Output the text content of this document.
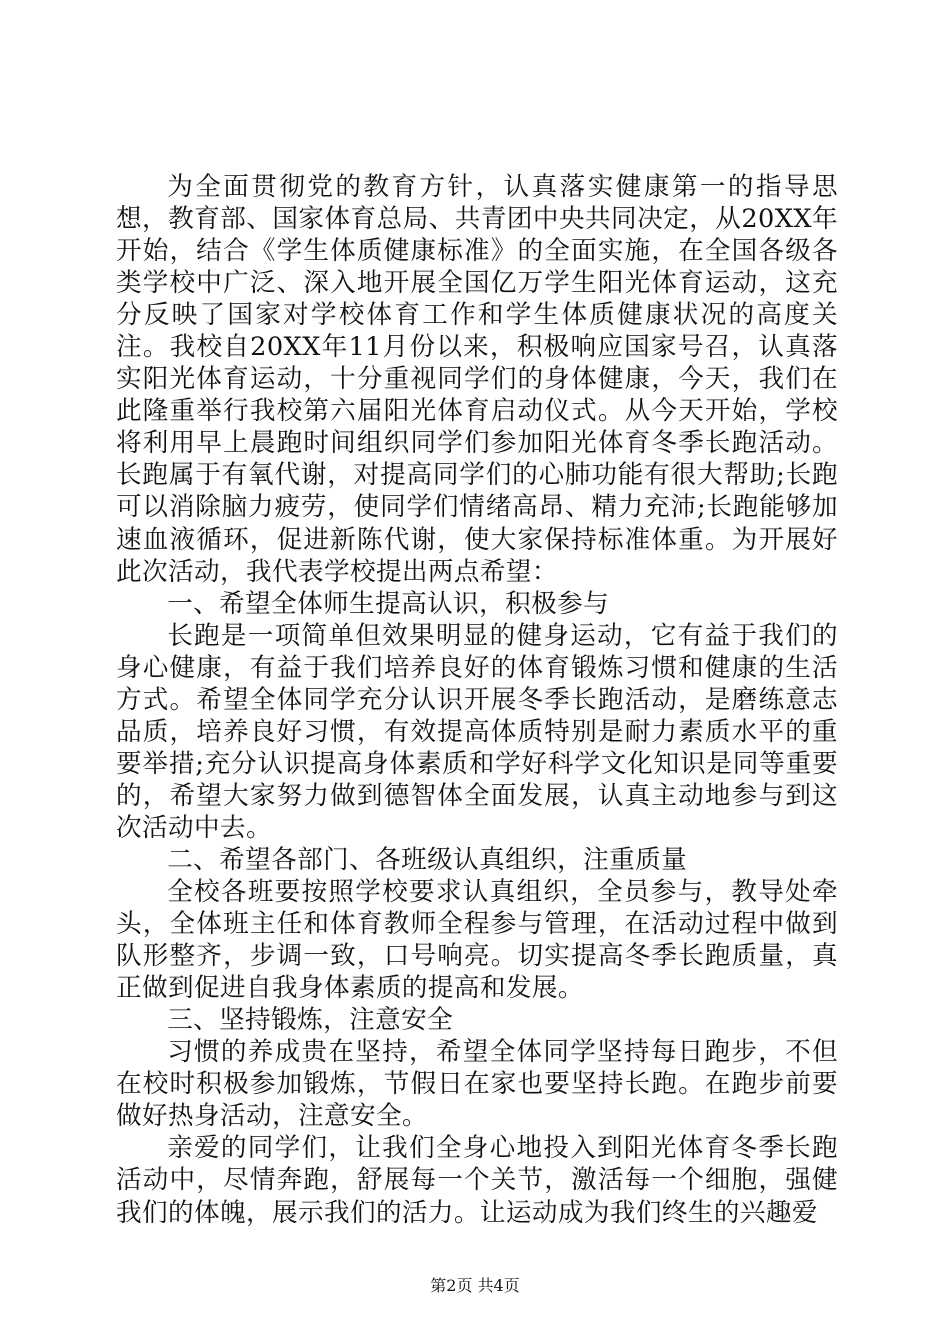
为全面贯彻党的教育方针，认真落实健康第一的指导思想，教育部、国家体育总局、共青团中央共同决定，从20XX年开始，结合《学生体质健康标准》的全面实施，在全国各级各类学校中广泛、深入地开展全国亿万学生阳光体育运动，这充分反映了国家对学校体育工作和学生体质健康状况的高度关注。我校自20XX年11月份以来，积极响应国家号召，认真落实阳光体育运动，十分重视同学们的身体健康，今天，我们在此隆重举行我校第六届阳光体育启动仪式。从今天开始，学校将利用早上晨跑时间组织同学们参加阳光体育冬季长跑活动。长跑属于有氧代谢，对提高同学们的心肺功能有很大帮助;长跑可以消除脑力疲劳，使同学们情绪高昂、精力充沛;长跑能够加速血液循环，促进新陈代谢，使大家保持标准体重。为开展好此次活动，我代表学校提出两点希望：

一、希望全体师生提高认识，积极参与

长跑是一项简单但效果明显的健身运动，它有益于我们的身心健康，有益于我们培养良好的体育锻炼习惯和健康的生活方式。希望全体同学充分认识开展冬季长跑活动，是磨练意志品质，培养良好习惯，有效提高体质特别是耐力素质水平的重要举措;充分认识提高身体素质和学好科学文化知识是同等重要的，希望大家努力做到德智体全面发展，认真主动地参与到这次活动中去。

二、希望各部门、各班级认真组织，注重质量

全校各班要按照学校要求认真组织，全员参与，教导处牵头，全体班主任和体育教师全程参与管理，在活动过程中做到队形整齐，步调一致，口号响亮。切实提高冬季长跑质量，真正做到促进自我身体素质的提高和发展。

三、坚持锻炼，注意安全

习惯的养成贵在坚持，希望全体同学坚持每日跑步，不但在校时积极参加锻炼，节假日在家也要坚持长跑。在跑步前要做好热身活动，注意安全。

亲爱的同学们，让我们全身心地投入到阳光体育冬季长跑活动中，尽情奔跑，舒展每一个关节，激活每一个细胞，强健我们的体魄，展示我们的活力。让运动成为我们终生的兴趣爱

第2页 共4页
